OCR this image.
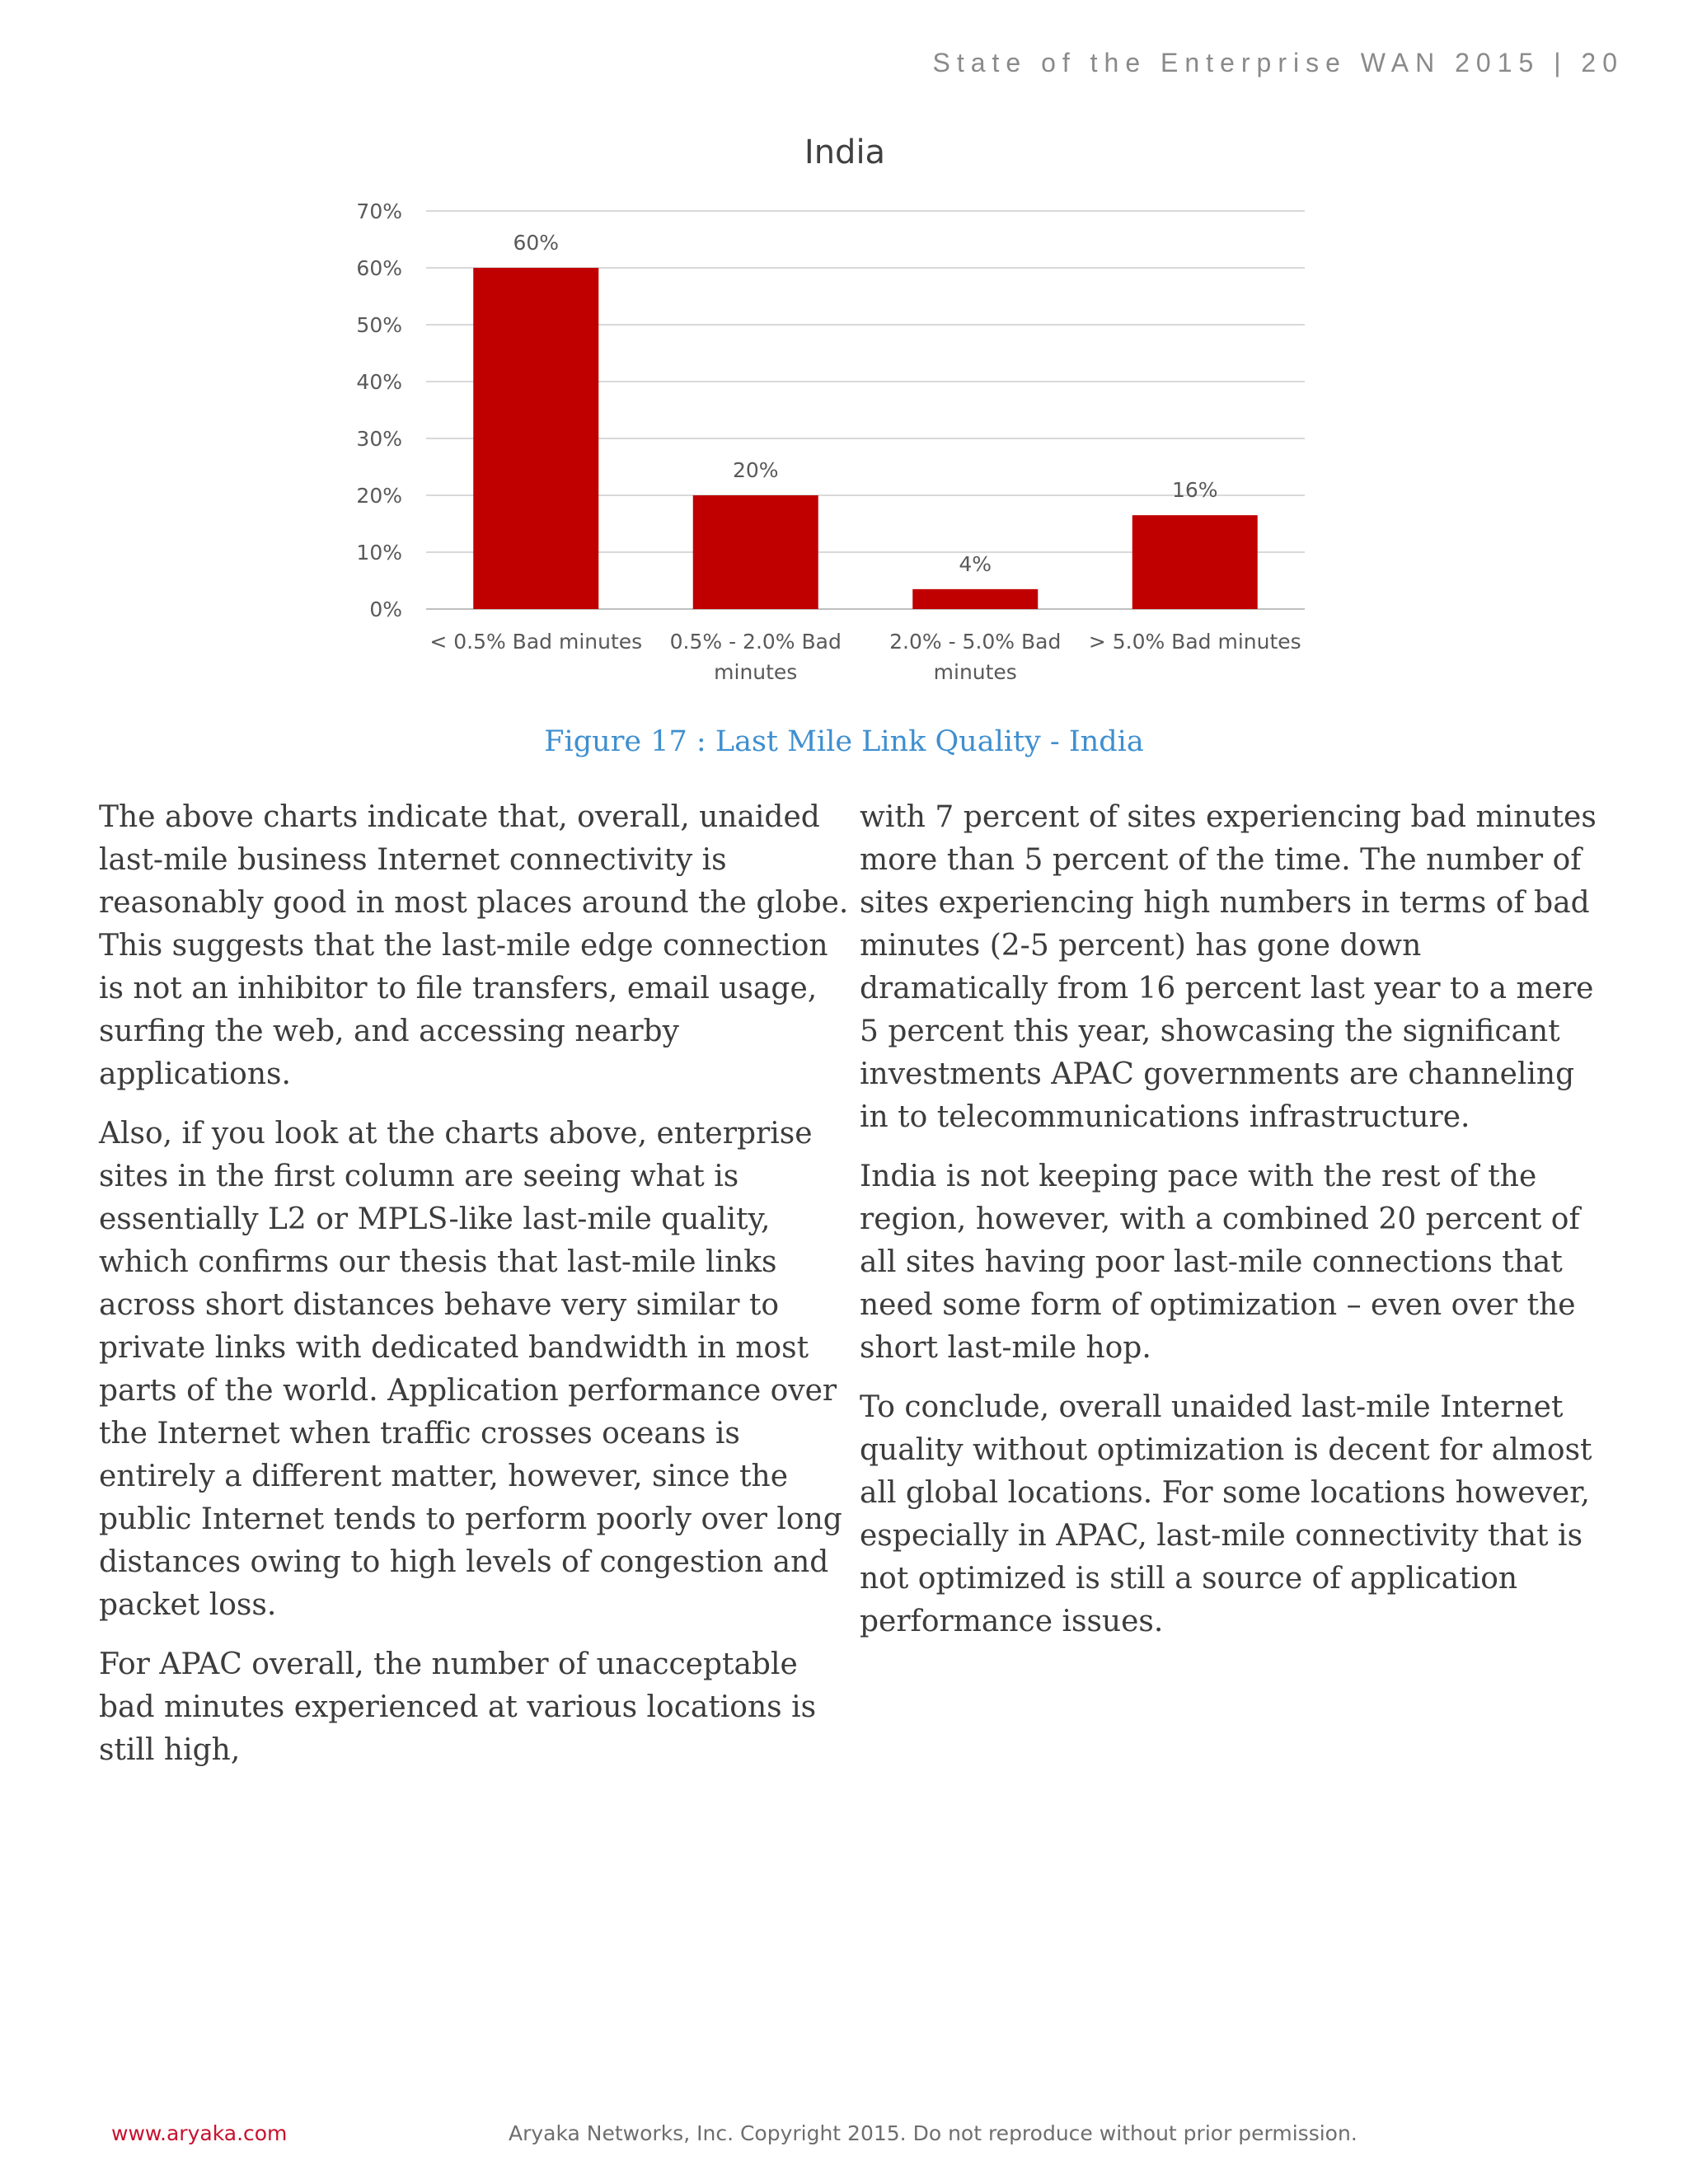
State of the Enterprise WAN 2015 | 20
India
0%
10%
20%
30%
40%
50%
60%
70%
60%
< 0.5% Bad minutes
20%
0.5% - 2.0% Bad
minutes
4%
2.0% - 5.0% Bad
minutes
16%
> 5.0% Bad minutes
Figure 17 : Last Mile Link Quality - India

The above charts indicate that, overall, unaided last-mile business Internet connectivity is reasonably good in most places around the globe. This suggests that the last-mile edge connection is not an inhibitor to file transfers, email usage, surfing the web, and accessing nearby applications.

Also, if you look at the charts above, enterprise sites in the first column are seeing what is essentially L2 or MPLS-like last-mile quality, which confirms our thesis that last-mile links across short distances behave very similar to private links with dedicated bandwidth in most parts of the world. Application performance over the Internet when traffic crosses oceans is entirely a different matter, however, since the public Internet tends to perform poorly over long distances owing to high levels of congestion and packet loss.

For APAC overall, the number of unacceptable bad minutes experienced at various locations is still high,

with 7 percent of sites experiencing bad minutes more than 5 percent of the time. The number of sites experiencing high numbers in terms of bad minutes (2-5 percent) has gone down dramatically from 16 percent last year to a mere 5 percent this year, showcasing the significant investments APAC governments are channeling in to telecommunications infrastructure.

India is not keeping pace with the rest of the region, however, with a combined 20 percent of all sites having poor last-mile connections that need some form of optimization – even over the short last-mile hop.

To conclude, overall unaided last-mile Internet quality without optimization is decent for almost all global locations. For some locations however, especially in APAC, last-mile connectivity that is not optimized is still a source of application performance issues.

www.aryaka.com	Aryaka Networks, Inc. Copyright 2015. Do not reproduce without prior permission.
